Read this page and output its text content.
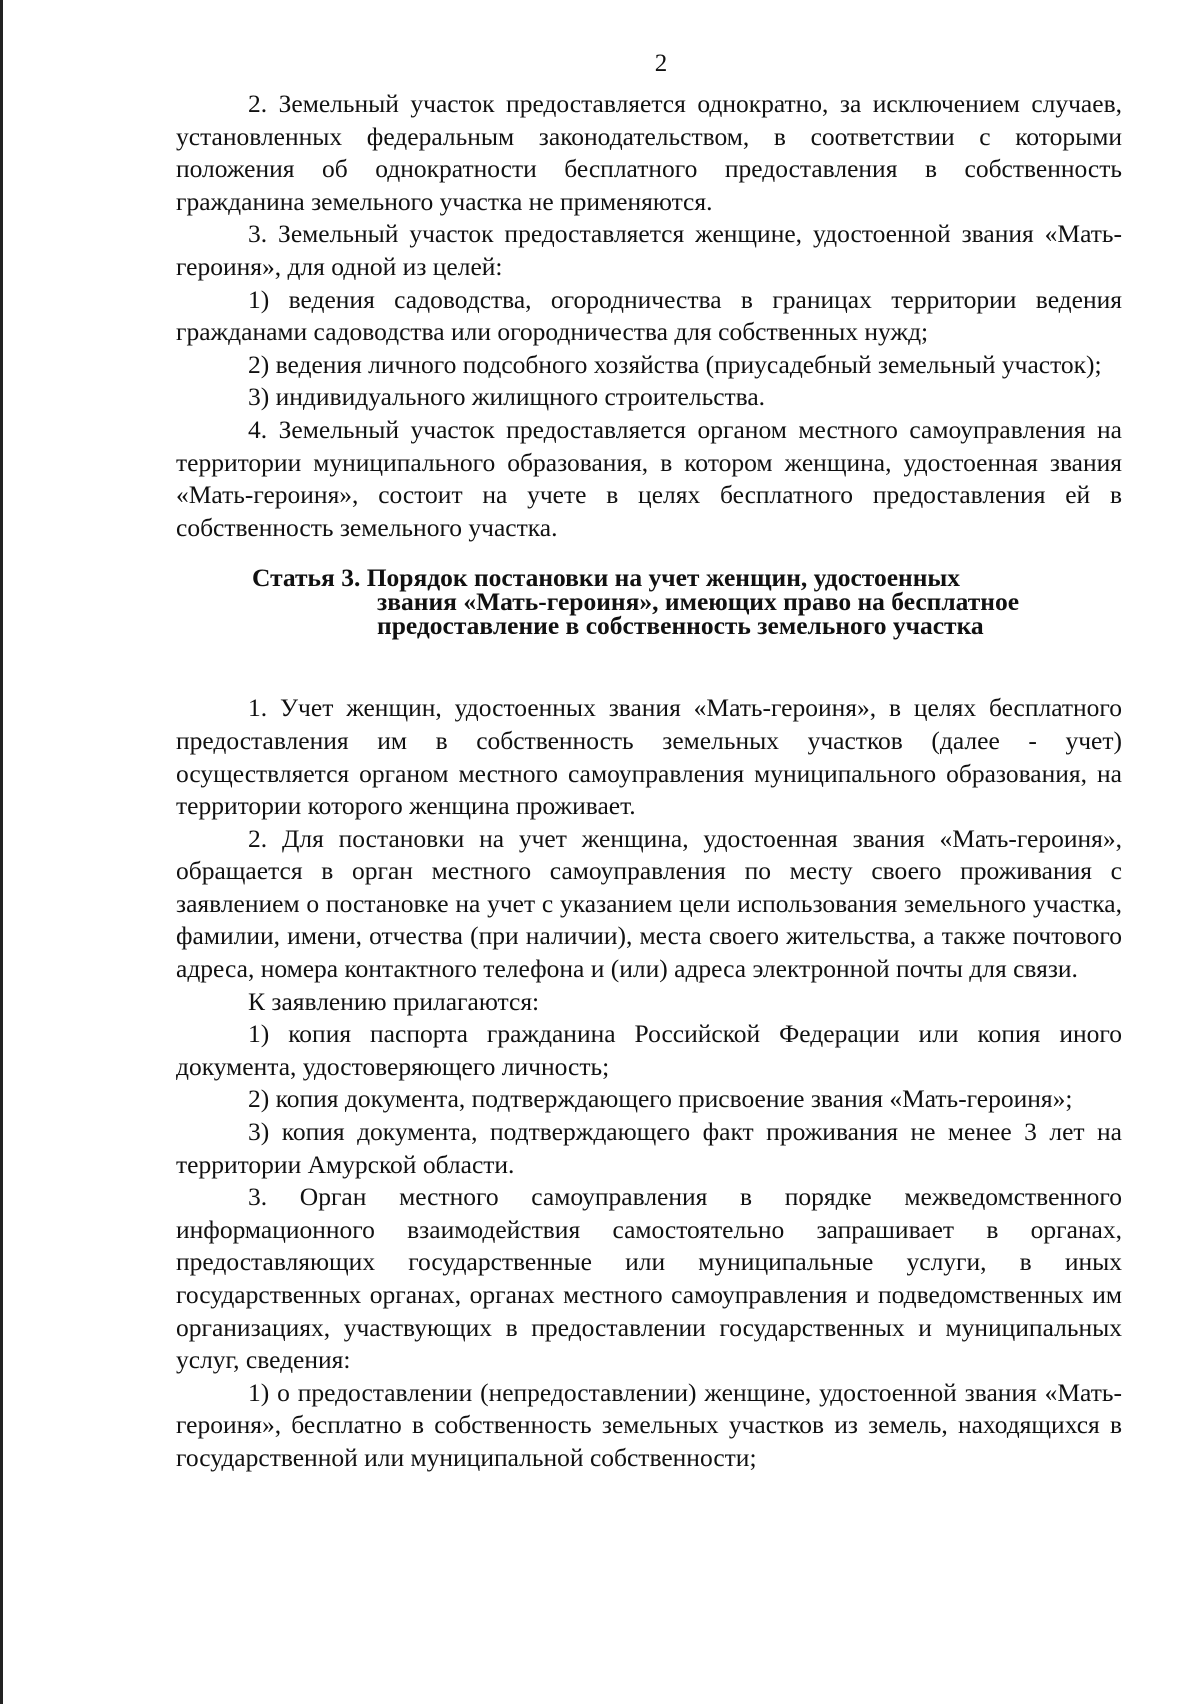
2

2. Земельный участок предоставляется однократно, за исключением случаев, установленных федеральным законодательством, в соответствии с которыми положения об однократности бесплатного предоставления в собственность гражданина земельного участка не применяются.

3. Земельный участок предоставляется женщине, удостоенной звания «Мать-героиня», для одной из целей:

1) ведения садоводства, огородничества в границах территории ведения гражданами садоводства или огородничества для собственных нужд;

2) ведения личного подсобного хозяйства (приусадебный земельный участок);

3) индивидуального жилищного строительства.

4. Земельный участок предоставляется органом местного самоуправления на территории муниципального образования, в котором женщина, удостоенная звания «Мать-героиня», состоит на учете в целях бесплатного предоставления ей в собственность земельного участка.

Статья 3. Порядок постановки на учет женщин, удостоенных
звания «Мать-героиня», имеющих право на бесплатное
предоставление в собственность земельного участка

1. Учет женщин, удостоенных звания «Мать-героиня», в целях бесплатного предоставления им в собственность земельных участков (далее - учет) осуществляется органом местного самоуправления муниципального образования, на территории которого женщина проживает.

2. Для постановки на учет женщина, удостоенная звания «Мать-героиня», обращается в орган местного самоуправления по месту своего проживания с заявлением о постановке на учет с указанием цели использования земельного участка, фамилии, имени, отчества (при наличии), места своего жительства, а также почтового адреса, номера контактного телефона и (или) адреса электронной почты для связи.

К заявлению прилагаются:

1) копия паспорта гражданина Российской Федерации или копия иного документа, удостоверяющего личность;

2) копия документа, подтверждающего присвоение звания «Мать-героиня»;

3) копия документа, подтверждающего факт проживания не менее 3 лет на территории Амурской области.

3. Орган местного самоуправления в порядке межведомственного информационного взаимодействия самостоятельно запрашивает в органах, предоставляющих государственные или муниципальные услуги, в иных государственных органах, органах местного самоуправления и подведомственных им организациях, участвующих в предоставлении государственных и муниципальных услуг, сведения:

1) о предоставлении (непредоставлении) женщине, удостоенной звания «Мать-героиня», бесплатно в собственность земельных участков из земель, находящихся в государственной или муниципальной собственности;
